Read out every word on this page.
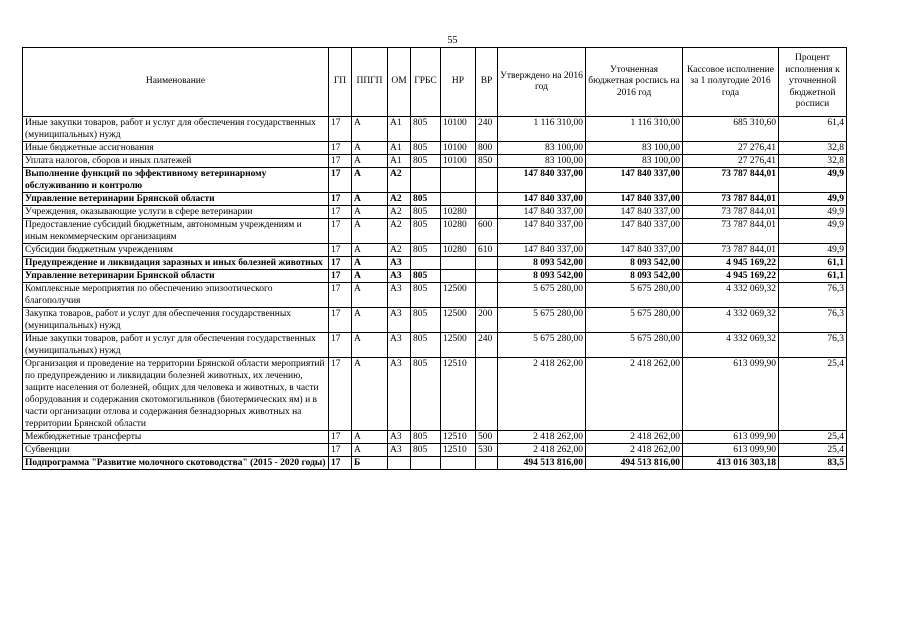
55
Наименование	ГП	ППГП	ОМ	ГРБС	НР	ВР	Утверждено на 2016 год	Уточненная бюджетная роспись на 2016 год	Кассовое исполнение за 1 полугодие 2016 года	Процент исполнения к уточненной бюджетной росписи
Иные закупки товаров, работ и услуг для обеспечения государственных (муниципальных) нужд	17	А	А1	805	10100	240	1 116 310,00	1 116 310,00	685 310,60	61,4
Иные бюджетные ассигнования	17	А	А1	805	10100	800	83 100,00	83 100,00	27 276,41	32,8
Уплата налогов, сборов и иных платежей	17	А	А1	805	10100	850	83 100,00	83 100,00	27 276,41	32,8
Выполнение функций по эффективному ветеринарному обслуживанию и контролю	17	А	А2				147 840 337,00	147 840 337,00	73 787 844,01	49,9
Управление ветеринарии Брянской области	17	А	А2	805			147 840 337,00	147 840 337,00	73 787 844,01	49,9
Учреждения, оказывающие услуги в сфере ветеринарии	17	А	А2	805	10280		147 840 337,00	147 840 337,00	73 787 844,01	49,9
Предоставление субсидий бюджетным, автономным учреждениям и иным некоммерческим организациям	17	А	А2	805	10280	600	147 840 337,00	147 840 337,00	73 787 844,01	49,9
Субсидии бюджетным учреждениям	17	А	А2	805	10280	610	147 840 337,00	147 840 337,00	73 787 844,01	49,9
Предупреждение и ликвидация заразных и иных болезней животных	17	А	А3				8 093 542,00	8 093 542,00	4 945 169,22	61,1
Управление ветеринарии Брянской области	17	А	А3	805			8 093 542,00	8 093 542,00	4 945 169,22	61,1
Комплексные мероприятия по обеспечению эпизоотического благополучия	17	А	А3	805	12500		5 675 280,00	5 675 280,00	4 332 069,32	76,3
Закупка товаров, работ и услуг для обеспечения государственных (муниципальных) нужд	17	А	А3	805	12500	200	5 675 280,00	5 675 280,00	4 332 069,32	76,3
Иные закупки товаров, работ и услуг для обеспечения государственных (муниципальных) нужд	17	А	А3	805	12500	240	5 675 280,00	5 675 280,00	4 332 069,32	76,3
Организация и проведение на территории Брянской области мероприятий по предупреждению и ликвидации болезней животных, их лечению, защите населения от болезней, общих для человека и животных, в части оборудования и содержания скотомогильников (биотермических ям) и в части организации отлова и содержания безнадзорных животных на территории Брянской области	17	А	А3	805	12510		2 418 262,00	2 418 262,00	613 099,90	25,4
Межбюджетные трансферты	17	А	А3	805	12510	500	2 418 262,00	2 418 262,00	613 099,90	25,4
Субвенции	17	А	А3	805	12510	530	2 418 262,00	2 418 262,00	613 099,90	25,4
Подпрограмма "Развитие молочного скотоводства" (2015 - 2020 годы)	17	Б					494 513 816,00	494 513 816,00	413 016 303,18	83,5
